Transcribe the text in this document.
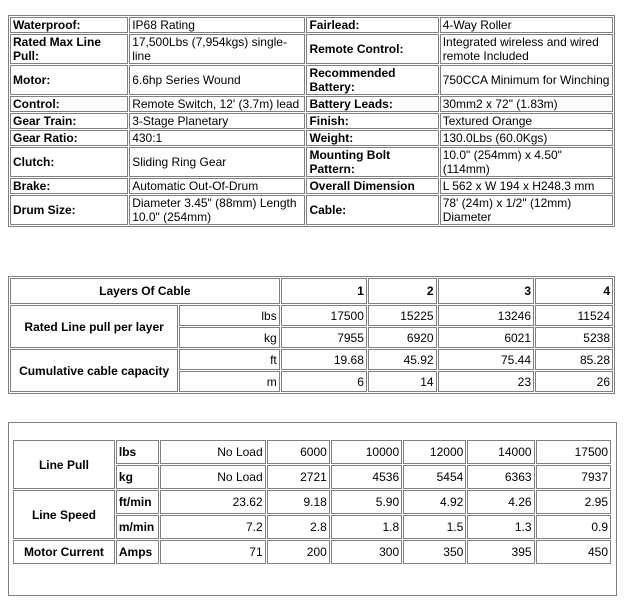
Waterproof:	IP68 Rating	Fairlead:	4-Way Roller
Rated Max Line Pull:	17,500Lbs (7,954kgs) single-line	Remote Control:	Integrated wireless and wired remote Included
Motor:	6.6hp Series Wound	Recommended Battery:	750CCA Minimum for Winching
Control:	Remote Switch, 12' (3.7m) lead	Battery Leads:	30mm2 x 72" (1.83m)
Gear Train:	3-Stage Planetary	Finish:	Textured Orange
Gear Ratio:	430:1	Weight:	130.0Lbs (60.0Kgs)
Clutch:	Sliding Ring Gear	Mounting Bolt Pattern:	10.0" (254mm) x 4.50" (114mm)
Brake:	Automatic Out-Of-Drum	Overall Dimension	L 562 x W 194 x H248.3 mm
Drum Size:	Diameter 3.45" (88mm) Length 10.0" (254mm)	Cable:	78' (24m) x 1/2" (12mm) Diameter
Layers Of Cable		1	2	3	4
Rated Line pull per layer	lbs	17500	15225	13246	11524
	kg	7955	6920	6021	5238
Cumulative cable capacity	ft	19.68	45.92	75.44	85.28
	m	6	14	23	26
Line Pull	lbs	No Load	6000	10000	12000	14000	17500
	kg	No Load	2721	4536	5454	6363	7937
Line Speed	ft/min	23.62	9.18	5.90	4.92	4.26	2.95
	m/min	7.2	2.8	1.8	1.5	1.3	0.9
Motor Current	Amps	71	200	300	350	395	450
